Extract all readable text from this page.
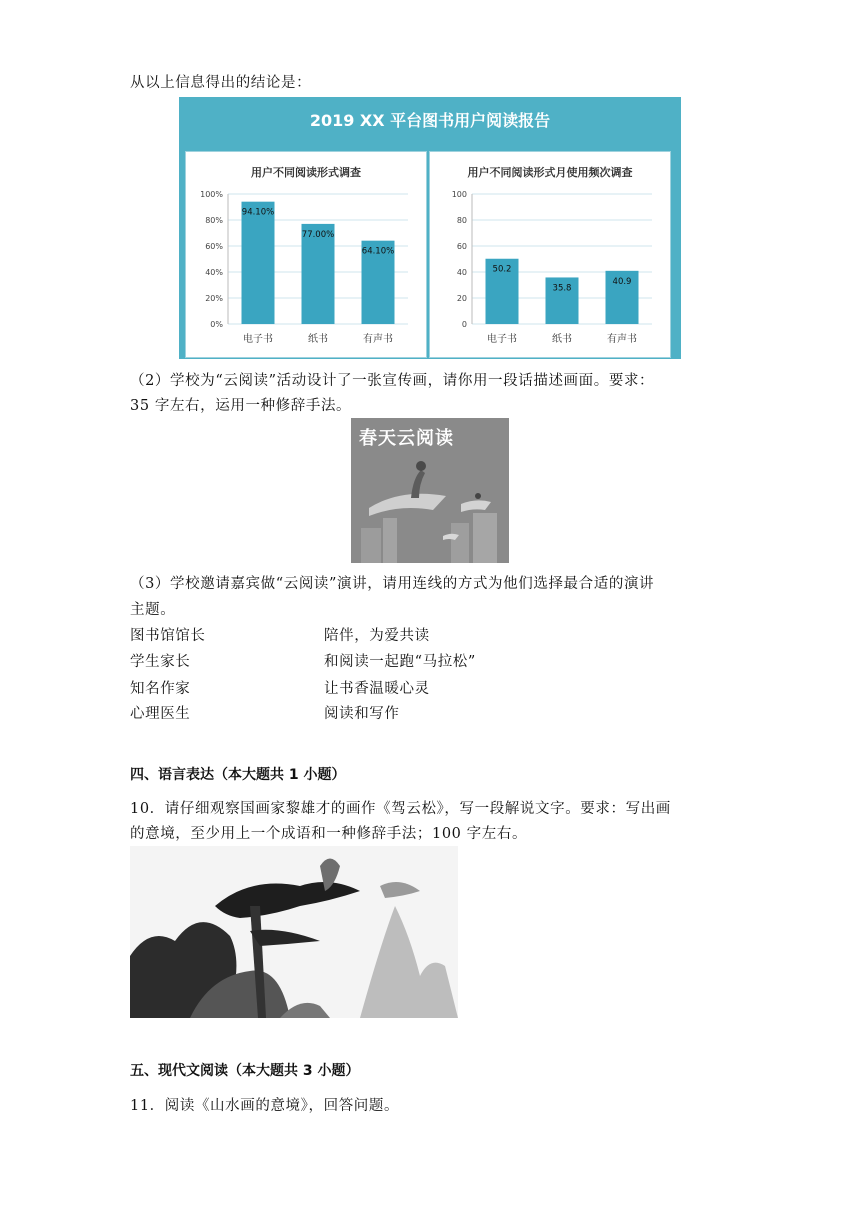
从以上信息得出的结论是：
2019 XX 平台图书用户阅读报告
用户不同阅读形式调查
0%
20%
40%
60%
80%
100%
94.10%
电子书
77.00%
纸书
64.10%
有声书
用户不同阅读形式月使用频次调查
0
20
40
60
80
100
50.2
电子书
35.8
纸书
40.9
有声书
（2）学校为“云阅读”活动设计了一张宣传画，请你用一段话描述画面。要求：
35 字左右，运用一种修辞手法。
春天云阅读
（3）学校邀请嘉宾做“云阅读”演讲，请用连线的方式为他们选择最合适的演讲
主题。
图书馆馆长	陪伴，为爱共读
学生家长	和阅读一起跑“马拉松”
知名作家	让书香温暖心灵
心理医生	阅读和写作
四、语言表达（本大题共 1 小题）
10．请仔细观察国画家黎雄才的画作《驾云松》，写一段解说文字。要求：写出画
的意境，至少用上一个成语和一种修辞手法；100 字左右。
五、现代文阅读（本大题共 3 小题）
11．阅读《山水画的意境》，回答问题。
